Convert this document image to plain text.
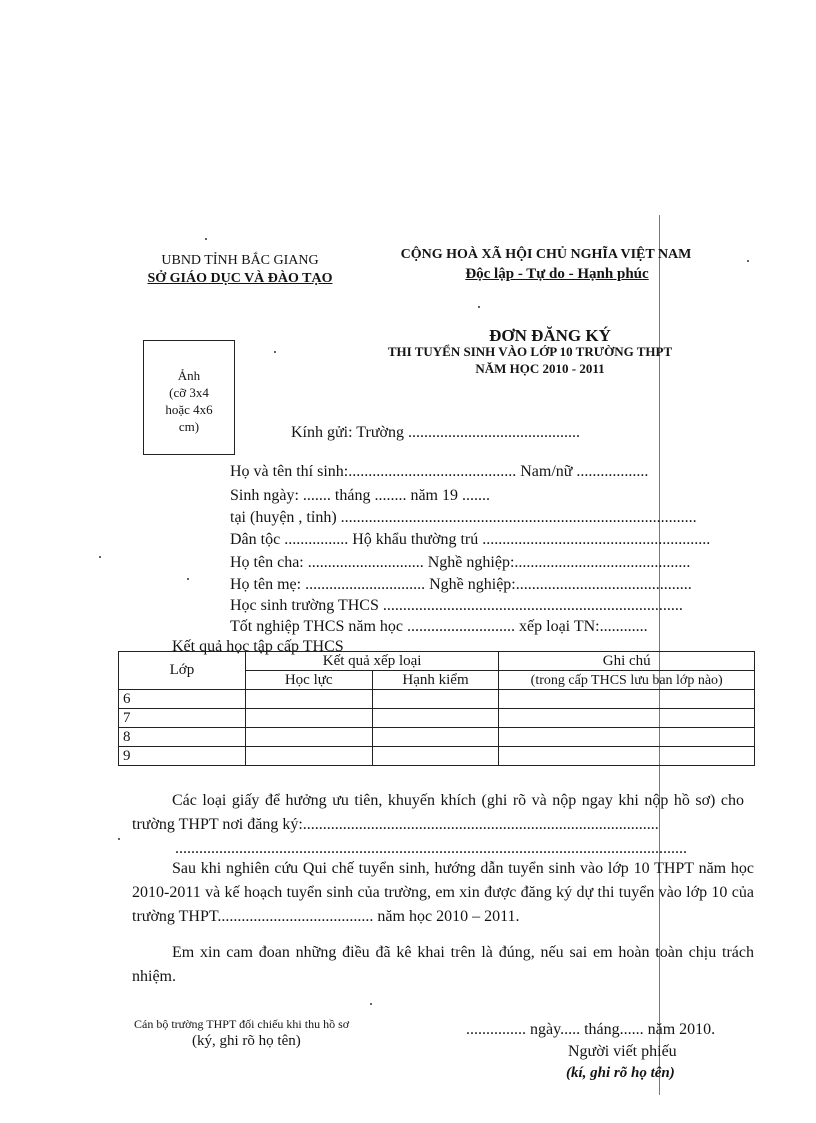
UBND TỈNH BẮC GIANG
SỞ GIÁO DỤC VÀ ĐÀO TẠO
CỘNG HOÀ XÃ HỘI CHỦ NGHĨA VIỆT NAM
Độc lập - Tự do - Hạnh phúc
ĐƠN ĐĂNG KÝ
THI TUYỂN SINH VÀO LỚP 10 TRƯỜNG THPT
NĂM HỌC 2010 - 2011
Ảnh
(cỡ 3x4
hoặc 4x6
cm)	Kính gửi: Trường ...........................................
Họ và tên thí sinh:.......................................... Nam/nữ ..................
Sinh ngày: ....... tháng ........ năm 19 .......
tại (huyện , tỉnh) .........................................................................................
Dân tộc ................ Hộ khẩu thường trú .........................................................
Họ tên cha: ............................. Nghề nghiệp:............................................
Họ tên mẹ: .............................. Nghề nghiệp:............................................
Học sinh trường THCS ...........................................................................
Tốt nghiệp THCS năm học ........................... xếp loại TN:............
Kết quả học tập cấp THCS
Lớp	Kết quả xếp loại		Ghi chú
	Học lực	Hạnh kiểm	(trong cấp THCS lưu ban lớp nào)
6			
7			
8			
9			
Các loại giấy để hưởng ưu tiên, khuyến khích (ghi rõ và nộp ngay khi nộp hồ sơ) cho trường THPT nơi đăng ký:.........................................................................................
................................................................................................................................
Sau khi nghiên cứu Qui chế tuyển sinh, hướng dẫn tuyển sinh vào lớp 10 THPT năm học 2010-2011 và kế hoạch tuyển sinh của trường, em xin được đăng ký dự thi tuyển vào lớp 10 của trường THPT....................................... năm học 2010 – 2011.
Em xin cam đoan những điều đã kê khai trên là đúng, nếu sai em hoàn toàn chịu trách nhiệm.
Cán bộ trường THPT đối chiếu khi thu hồ sơ
(ký, ghi rõ họ tên)
............... ngày..... tháng...... năm 2010.
Người viết phiếu
(kí, ghi rõ họ tên)
